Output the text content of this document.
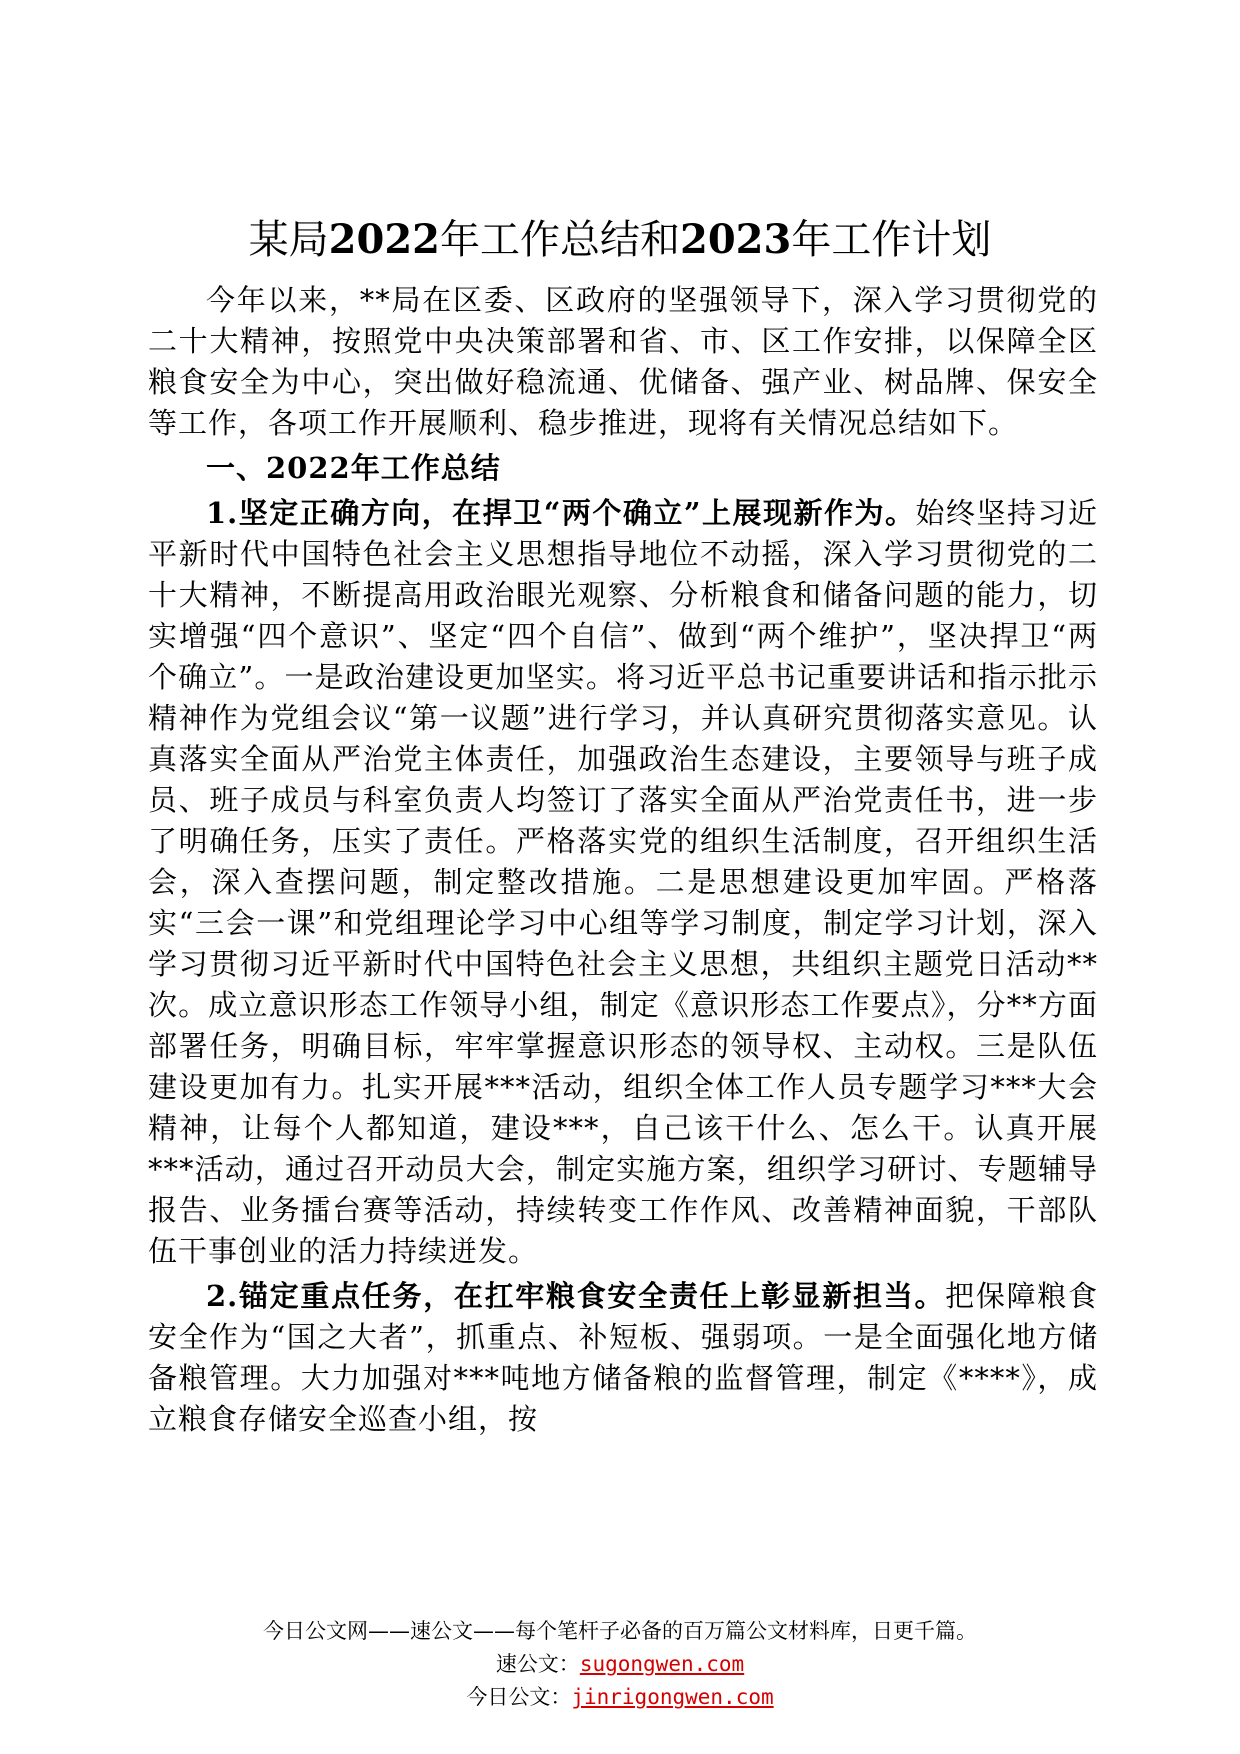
某局2022年工作总结和2023年工作计划

今年以来，**局在区委、区政府的坚强领导下，深入学习贯彻党的二十大精神，按照党中央决策部署和省、市、区工作安排，以保障全区粮食安全为中心，突出做好稳流通、优储备、强产业、树品牌、保安全等工作，各项工作开展顺利、稳步推进，现将有关情况总结如下。

一、2022年工作总结

1.坚定正确方向，在捍卫“两个确立”上展现新作为。始终坚持习近平新时代中国特色社会主义思想指导地位不动摇，深入学习贯彻党的二十大精神，不断提高用政治眼光观察、分析粮食和储备问题的能力，切实增强“四个意识”、坚定“四个自信”、做到“两个维护”，坚决捍卫“两个确立”。一是政治建设更加坚实。将习近平总书记重要讲话和指示批示精神作为党组会议“第一议题”进行学习，并认真研究贯彻落实意见。认真落实全面从严治党主体责任，加强政治生态建设，主要领导与班子成员、班子成员与科室负责人均签订了落实全面从严治党责任书，进一步了明确任务，压实了责任。严格落实党的组织生活制度，召开组织生活会，深入查摆问题，制定整改措施。二是思想建设更加牢固。严格落实“三会一课”和党组理论学习中心组等学习制度，制定学习计划，深入学习贯彻习近平新时代中国特色社会主义思想，共组织主题党日活动**次。成立意识形态工作领导小组，制定《意识形态工作要点》，分**方面部署任务，明确目标，牢牢掌握意识形态的领导权、主动权。三是队伍建设更加有力。扎实开展***活动，组织全体工作人员专题学习***大会精神，让每个人都知道，建设***，自己该干什么、怎么干。认真开展***活动，通过召开动员大会，制定实施方案，组织学习研讨、专题辅导报告、业务擂台赛等活动，持续转变工作作风、改善精神面貌，干部队伍干事创业的活力持续迸发。

2.锚定重点任务，在扛牢粮食安全责任上彰显新担当。把保障粮食安全作为“国之大者”，抓重点、补短板、强弱项。一是全面强化地方储备粮管理。大力加强对***吨地方储备粮的监督管理，制定《****》，成立粮食存储安全巡查小组，按

今日公文网——速公文——每个笔杆子必备的百万篇公文材料库，日更千篇。
速公文：sugongwen.com
今日公文：jinrigongwen.com
